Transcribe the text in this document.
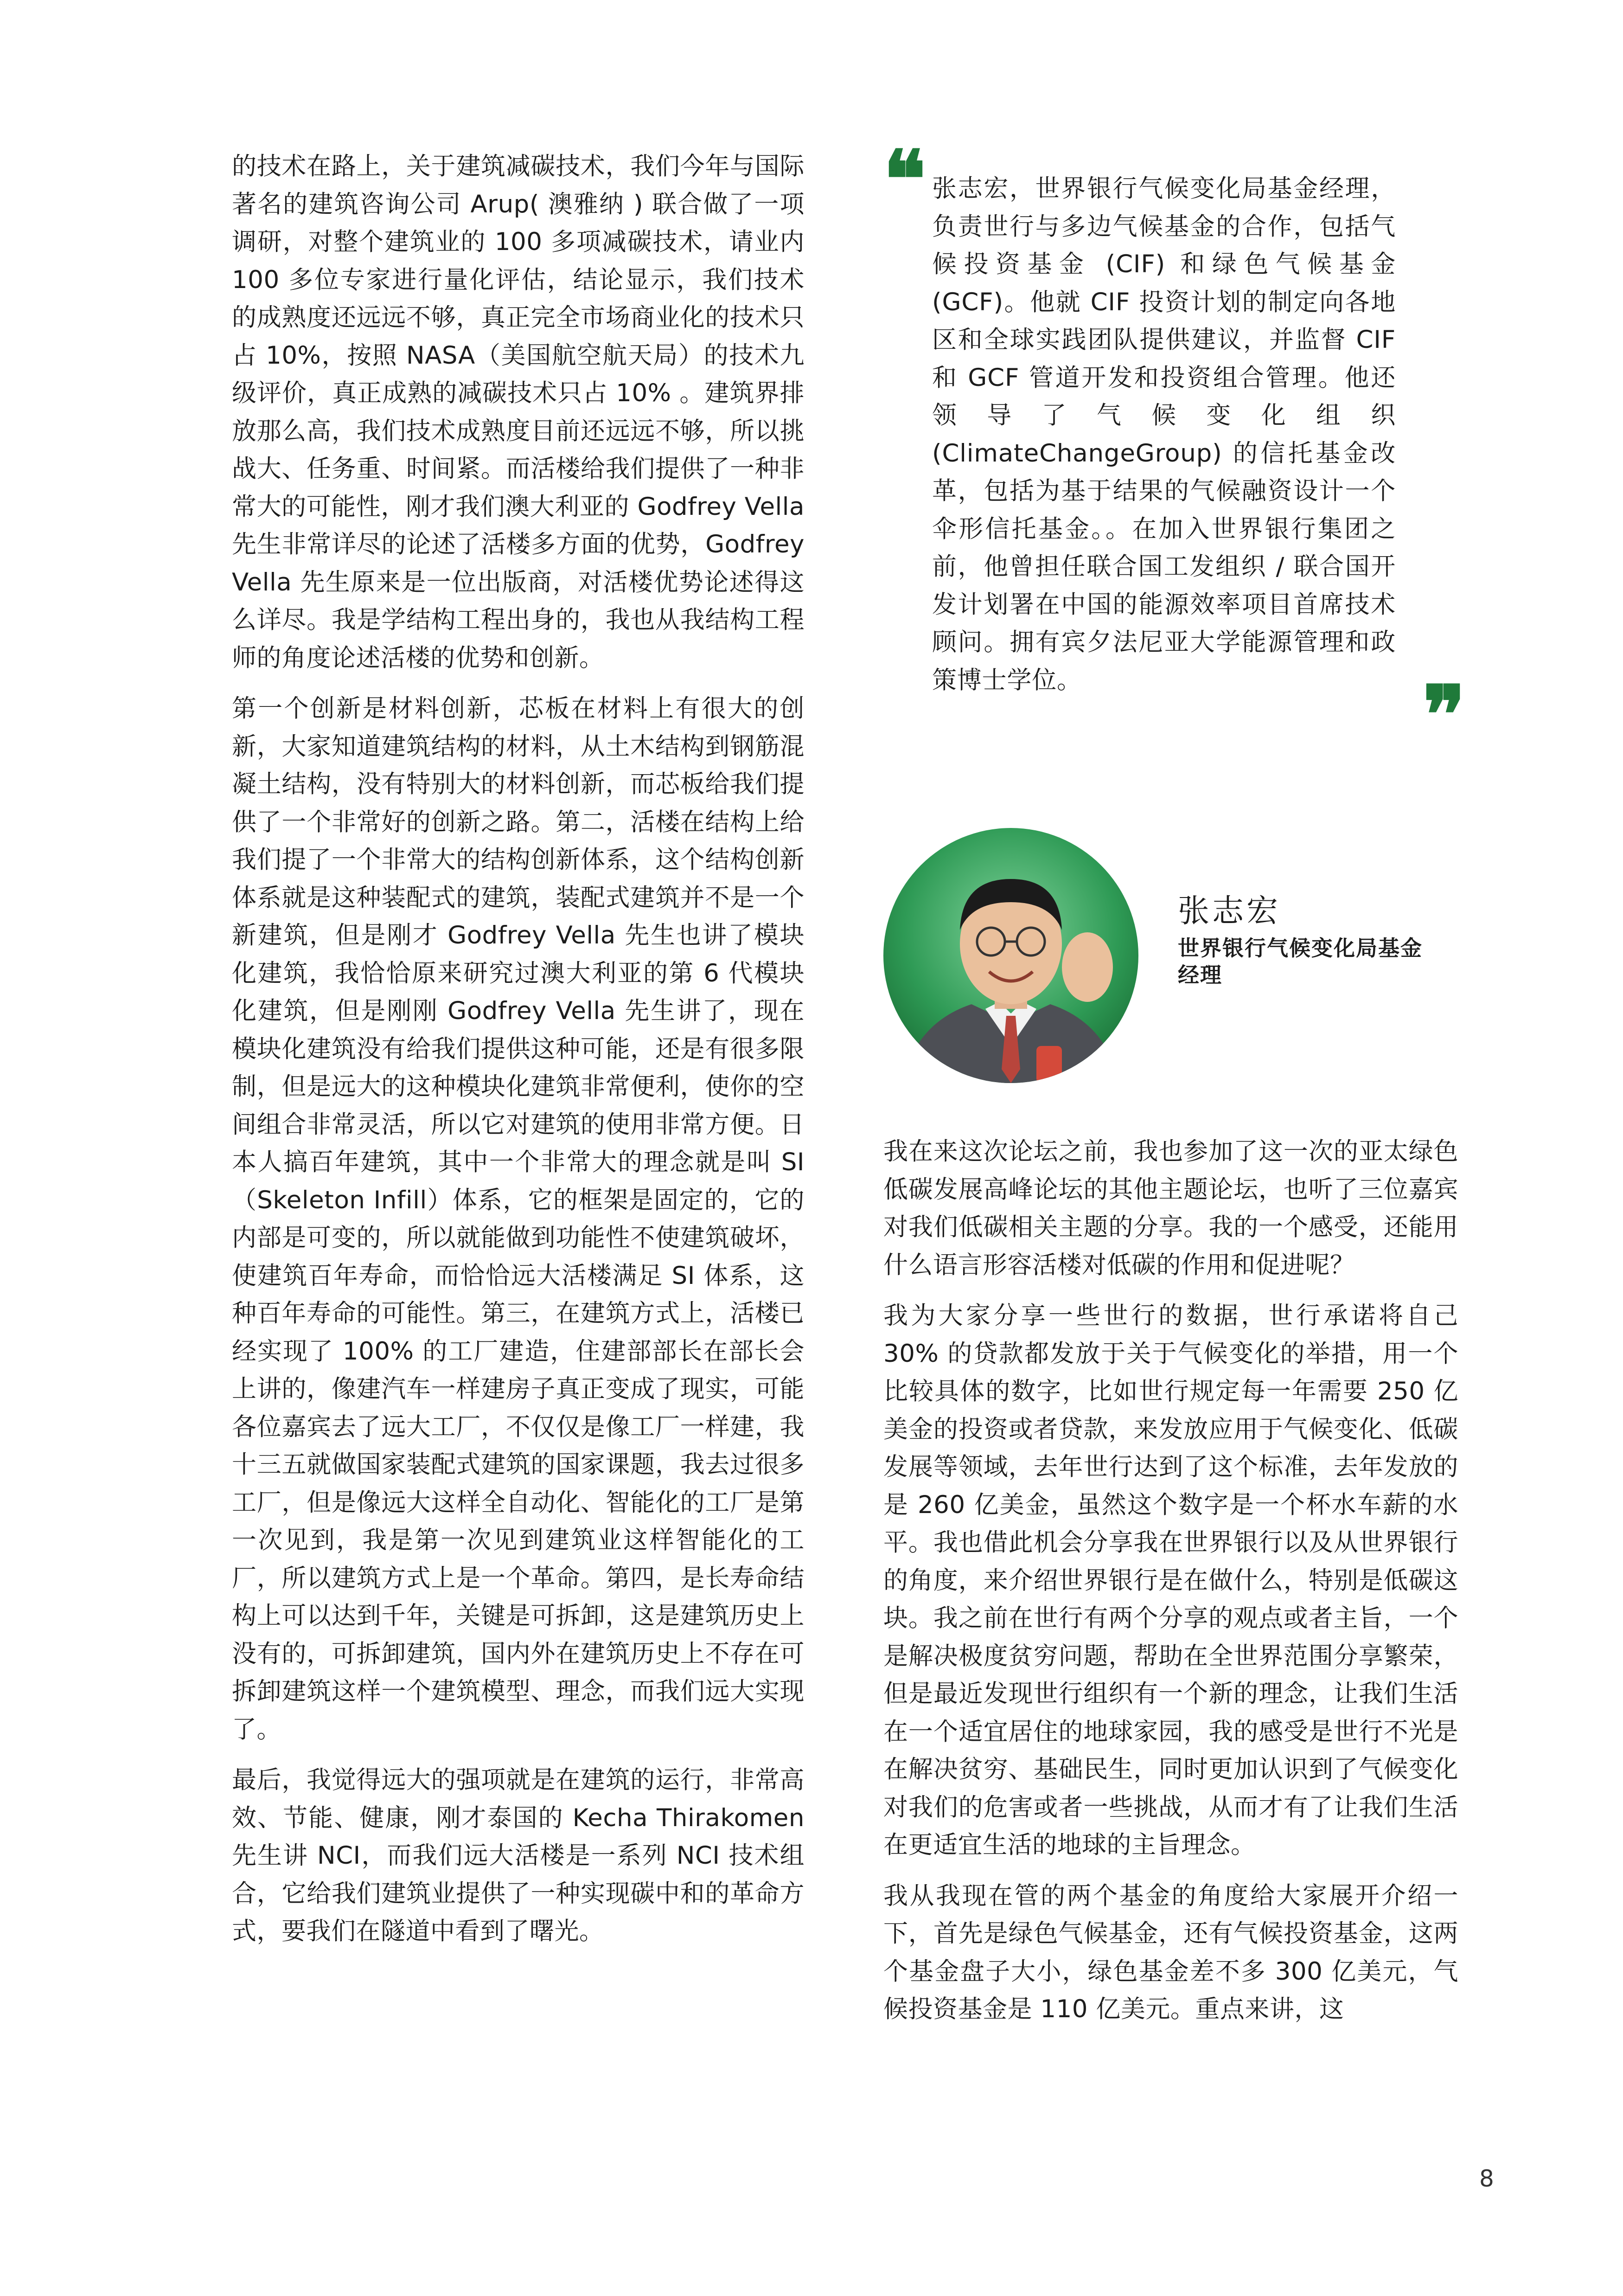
的技术在路上，关于建筑减碳技术，我们今年与国际著名的建筑咨询公司 Arup( 澳雅纳 ) 联合做了一项调研，对整个建筑业的 100 多项减碳技术，请业内 100 多位专家进行量化评估，结论显示，我们技术的成熟度还远远不够，真正完全市场商业化的技术只占 10%，按照 NASA（美国航空航天局）的技术九级评价，真正成熟的减碳技术只占 10% 。建筑界排放那么高，我们技术成熟度目前还远远不够，所以挑战大、任务重、时间紧。而活楼给我们提供了一种非常大的可能性，刚才我们澳大利亚的 Godfrey Vella 先生非常详尽的论述了活楼多方面的优势，Godfrey Vella 先生原来是一位出版商，对活楼优势论述得这么详尽。我是学结构工程出身的，我也从我结构工程师的角度论述活楼的优势和创新。

第一个创新是材料创新，芯板在材料上有很大的创新，大家知道建筑结构的材料，从土木结构到钢筋混凝土结构，没有特别大的材料创新，而芯板给我们提供了一个非常好的创新之路。第二，活楼在结构上给我们提了一个非常大的结构创新体系，这个结构创新体系就是这种装配式的建筑，装配式建筑并不是一个新建筑，但是刚才 Godfrey Vella 先生也讲了模块化建筑，我恰恰原来研究过澳大利亚的第 6 代模块化建筑，但是刚刚 Godfrey Vella 先生讲了，现在模块化建筑没有给我们提供这种可能，还是有很多限制，但是远大的这种模块化建筑非常便利，使你的空间组合非常灵活，所以它对建筑的使用非常方便。日本人搞百年建筑，其中一个非常大的理念就是叫 SI（Skeleton Infill）体系，它的框架是固定的，它的内部是可变的，所以就能做到功能性不使建筑破坏，使建筑百年寿命，而恰恰远大活楼满足 SI 体系，这种百年寿命的可能性。第三，在建筑方式上，活楼已经实现了 100% 的工厂建造，住建部部长在部长会上讲的，像建汽车一样建房子真正变成了现实，可能各位嘉宾去了远大工厂，不仅仅是像工厂一样建，我十三五就做国家装配式建筑的国家课题，我去过很多工厂，但是像远大这样全自动化、智能化的工厂是第一次见到，我是第一次见到建筑业这样智能化的工厂，所以建筑方式上是一个革命。第四，是长寿命结构上可以达到千年，关键是可拆卸，这是建筑历史上没有的，可拆卸建筑，国内外在建筑历史上不存在可拆卸建筑这样一个建筑模型、理念，而我们远大实现了。

最后，我觉得远大的强项就是在建筑的运行，非常高效、节能、健康，刚才泰国的 Kecha Thirakomen 先生讲 NCI，而我们远大活楼是一系列 NCI 技术组合，它给我们建筑业提供了一种实现碳中和的革命方式，要我们在隧道中看到了曙光。

❝ 张志宏，世界银行气候变化局基金经理，负责世行与多边气候基金的合作，包括气候投资基金 (CIF) 和绿色气候基金 (GCF)。他就 CIF 投资计划的制定向各地区和全球实践团队提供建议，并监督 CIF 和 GCF 管道开发和投资组合管理。他还领导了气候变化组织 (ClimateChangeGroup) 的信托基金改革，包括为基于结果的气候融资设计一个伞形信托基金。。在加入世界银行集团之前，他曾担任联合国工发组织 / 联合国开发计划署在中国的能源效率项目首席技术顾问。拥有宾夕法尼亚大学能源管理和政策博士学位。	❞
张志宏
世界银行气候变化局基金经理

我在来这次论坛之前，我也参加了这一次的亚太绿色低碳发展高峰论坛的其他主题论坛，也听了三位嘉宾对我们低碳相关主题的分享。我的一个感受，还能用什么语言形容活楼对低碳的作用和促进呢？

我为大家分享一些世行的数据，世行承诺将自己 30% 的贷款都发放于关于气候变化的举措，用一个比较具体的数字，比如世行规定每一年需要 250 亿美金的投资或者贷款，来发放应用于气候变化、低碳发展等领域，去年世行达到了这个标准，去年发放的是 260 亿美金，虽然这个数字是一个杯水车薪的水平。我也借此机会分享我在世界银行以及从世界银行的角度，来介绍世界银行是在做什么，特别是低碳这块。我之前在世行有两个分享的观点或者主旨，一个是解决极度贫穷问题，帮助在全世界范围分享繁荣，但是最近发现世行组织有一个新的理念，让我们生活在一个适宜居住的地球家园，我的感受是世行不光是在解决贫穷、基础民生，同时更加认识到了气候变化对我们的危害或者一些挑战，从而才有了让我们生活在更适宜生活的地球的主旨理念。

我从我现在管的两个基金的角度给大家展开介绍一下，首先是绿色气候基金，还有气候投资基金，这两个基金盘子大小，绿色基金差不多 300 亿美元，气候投资基金是 110 亿美元。重点来讲，这

8
